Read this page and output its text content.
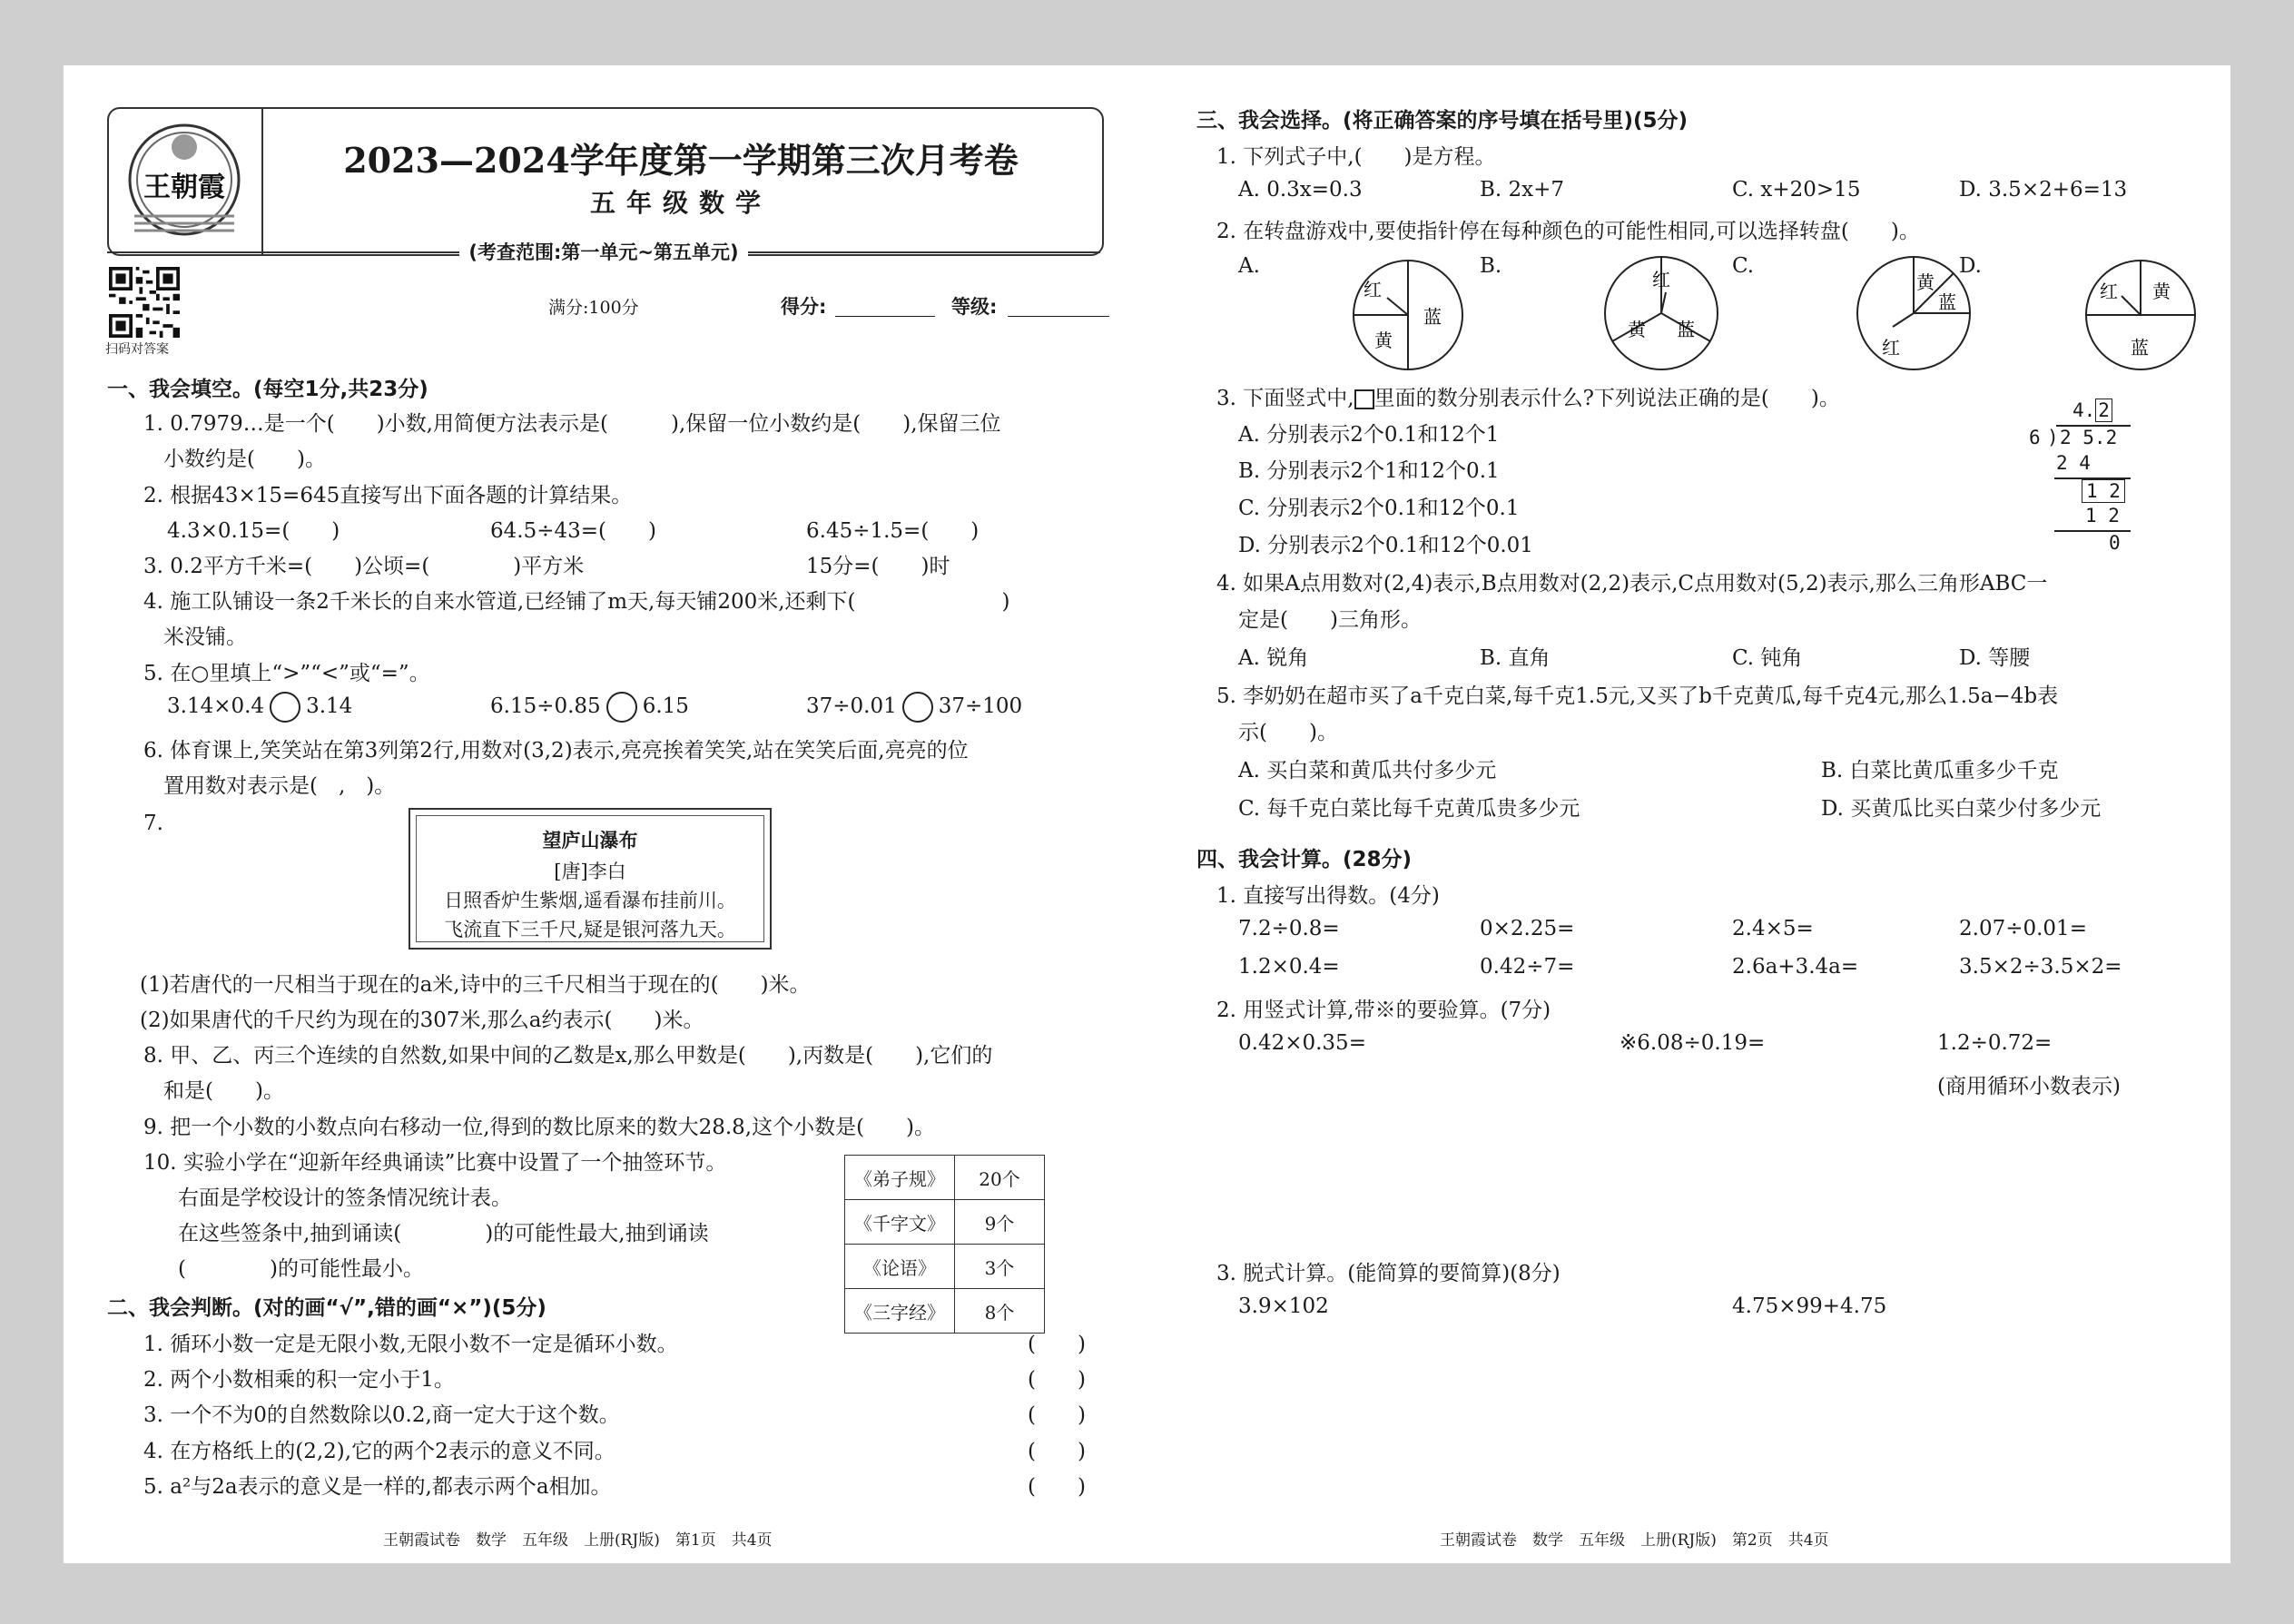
王朝霞
2023—2024学年度第一学期第三次月考卷
五年级数学
(考查范围:第一单元~第五单元)
扫码对答案
满分:100分	得分:	等级:
一、我会填空。(每空1分,共23分)
1. 0.7979…是一个(　　)小数,用简便方法表示是(　　　),保留一位小数约是(　　),保留三位
小数约是(　　)。
2. 根据43×15=645直接写出下面各题的计算结果。
4.3×0.15=(　　)	64.5÷43=(　　)	6.45÷1.5=(　　)
3. 0.2平方千米=(　　)公顷=(　　　　)平方米	15分=(　　)时
4. 施工队铺设一条2千米长的自来水管道,已经铺了m天,每天铺200米,还剩下(　　　　　　　)
米没铺。
5. 在○里填上“>”“<”或“=”。
3.14×0.4 3.14	6.15÷0.85 6.15	37÷0.01 37÷100
6. 体育课上,笑笑站在第3列第2行,用数对(3,2)表示,亮亮挨着笑笑,站在笑笑后面,亮亮的位
置用数对表示是(　,　)。
7.
望庐山瀑布
[唐]李白
日照香炉生紫烟,遥看瀑布挂前川。
飞流直下三千尺,疑是银河落九天。
(1)若唐代的一尺相当于现在的a米,诗中的三千尺相当于现在的(　　)米。
(2)如果唐代的千尺约为现在的307米,那么a约表示(　　)米。
8. 甲、乙、丙三个连续的自然数,如果中间的乙数是x,那么甲数是(　　),丙数是(　　),它们的
和是(　　)。
9. 把一个小数的小数点向右移动一位,得到的数比原来的数大28.8,这个小数是(　　)。
10. 实验小学在“迎新年经典诵读”比赛中设置了一个抽签环节。
右面是学校设计的签条情况统计表。
在这些签条中,抽到诵读(　　　　)的可能性最大,抽到诵读
(　　　　)的可能性最小。
《弟子规》	20个
《千字文》	9个
《论语》	3个
《三字经》	8个
二、我会判断。(对的画“√”,错的画“×”)(5分)
1. 循环小数一定是无限小数,无限小数不一定是循环小数。
2. 两个小数相乘的积一定小于1。
3. 一个不为0的自然数除以0.2,商一定大于这个数。
4. 在方格纸上的(2,2),它的两个2表示的意义不同。
5. a²与2a表示的意义是一样的,都表示两个a相加。
(　　)
(　　)
(　　)
(　　)
(　　)
王朝霞试卷　数学　五年级　上册(RJ版)　第1页　共4页
三、我会选择。(将正确答案的序号填在括号里)(5分)
1. 下列式子中,(　　)是方程。
A. 0.3x=0.3	B. 2x+7	C. x+20>15	D. 3.5×2+6=13
2. 在转盘游戏中,要使指针停在每种颜色的可能性相同,可以选择转盘(　　)。
A.	B.	C.	D.
红
黄
蓝
红
黄 蓝
黄
蓝
红
红 黄
蓝
3. 下面竖式中, 里面的数分别表示什么?下列说法正确的是(　　)。
A. 分别表示2个0.1和12个1
B. 分别表示2个1和12个0.1
C. 分别表示2个0.1和12个0.1
D. 分别表示2个0.1和12个0.01
4. 2
6 ) 2 5.2
2 4
1 2
1 2
0
4. 如果A点用数对(2,4)表示,B点用数对(2,2)表示,C点用数对(5,2)表示,那么三角形ABC一
定是(　　)三角形。
A. 锐角	B. 直角	C. 钝角	D. 等腰
5. 李奶奶在超市买了a千克白菜,每千克1.5元,又买了b千克黄瓜,每千克4元,那么1.5a−4b表
示(　　)。
A. 买白菜和黄瓜共付多少元	B. 白菜比黄瓜重多少千克
C. 每千克白菜比每千克黄瓜贵多少元	D. 买黄瓜比买白菜少付多少元
四、我会计算。(28分)
1. 直接写出得数。(4分)
7.2÷0.8=	0×2.25=	2.4×5=	2.07÷0.01=
1.2×0.4=	0.42÷7=	2.6a+3.4a=	3.5×2÷3.5×2=
2. 用竖式计算,带※的要验算。(7分)
0.42×0.35=	※6.08÷0.19=	1.2÷0.72=
(商用循环小数表示)
3. 脱式计算。(能简算的要简算)(8分)
3.9×102	4.75×99+4.75
王朝霞试卷　数学　五年级　上册(RJ版)　第2页　共4页
